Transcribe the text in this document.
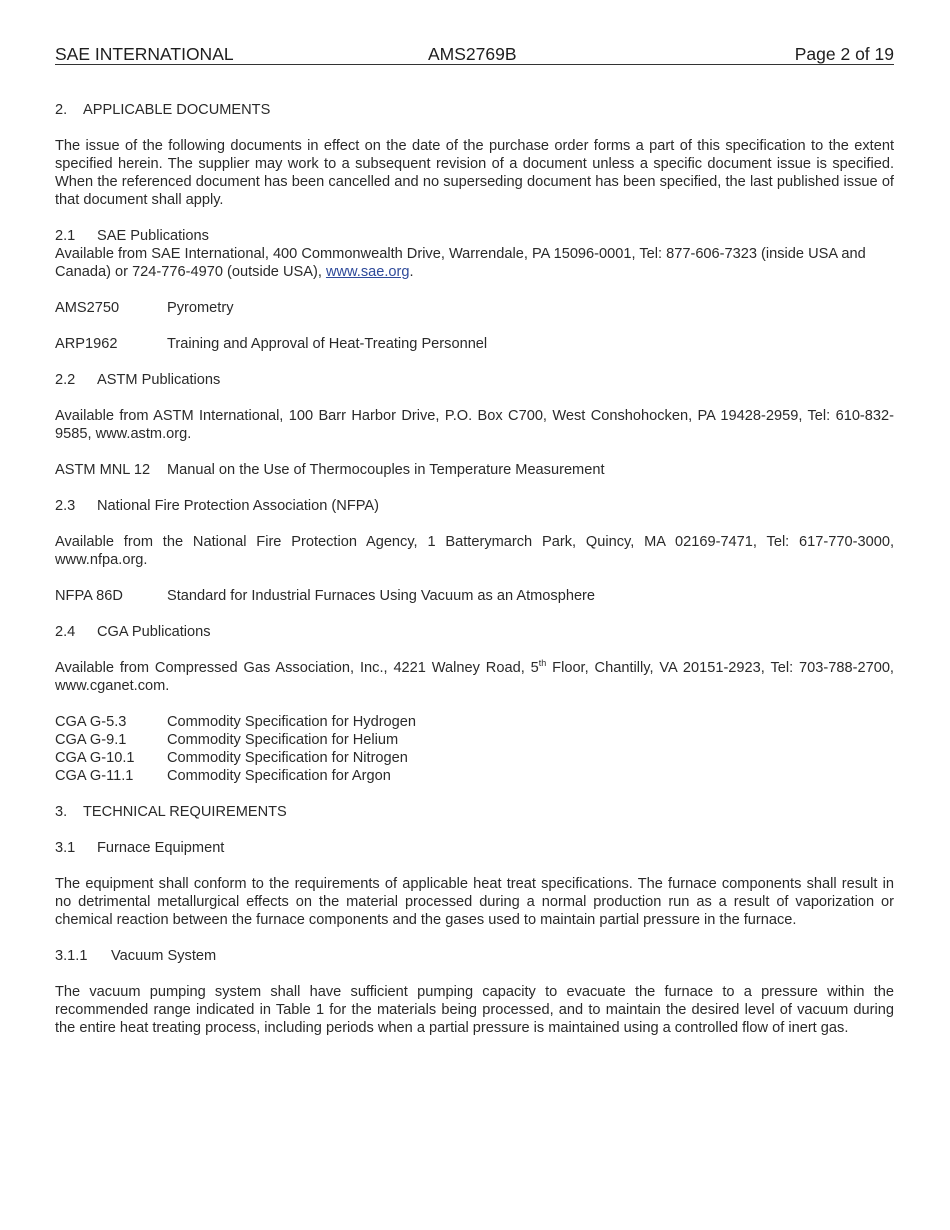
SAE INTERNATIONAL	AMS2769B	Page 2 of 19

2. APPLICABLE DOCUMENTS

The issue of the following documents in effect on the date of the purchase order forms a part of this specification to the extent specified herein. The supplier may work to a subsequent revision of a document unless a specific document issue is specified. When the referenced document has been cancelled and no superseding document has been specified, the last published issue of that document shall apply.

2.1 SAE Publications

Available from SAE International, 400 Commonwealth Drive, Warrendale, PA 15096-0001, Tel: 877-606-7323 (inside USA and Canada) or 724-776-4970 (outside USA), www.sae.org.

AMS2750	Pyrometry
ARP1962	Training and Approval of Heat-Treating Personnel

2.2 ASTM Publications

Available from ASTM International, 100 Barr Harbor Drive, P.O. Box C700, West Conshohocken, PA 19428-2959, Tel: 610-832-9585, www.astm.org.

ASTM MNL 12	Manual on the Use of Thermocouples in Temperature Measurement

2.3 National Fire Protection Association (NFPA)

Available from the National Fire Protection Agency, 1 Batterymarch Park, Quincy, MA 02169-7471, Tel: 617-770-3000, www.nfpa.org.

NFPA 86D	Standard for Industrial Furnaces Using Vacuum as an Atmosphere

2.4 CGA Publications

Available from Compressed Gas Association, Inc., 4221 Walney Road, 5th Floor, Chantilly, VA 20151-2923, Tel: 703-788-2700, www.cganet.com.

CGA G-5.3	Commodity Specification for Hydrogen
CGA G-9.1	Commodity Specification for Helium
CGA G-10.1	Commodity Specification for Nitrogen
CGA G-11.1	Commodity Specification for Argon

3. TECHNICAL REQUIREMENTS

3.1 Furnace Equipment

The equipment shall conform to the requirements of applicable heat treat specifications. The furnace components shall result in no detrimental metallurgical effects on the material processed during a normal production run as a result of vaporization or chemical reaction between the furnace components and the gases used to maintain partial pressure in the furnace.

3.1.1 Vacuum System

The vacuum pumping system shall have sufficient pumping capacity to evacuate the furnace to a pressure within the recommended range indicated in Table 1 for the materials being processed, and to maintain the desired level of vacuum during the entire heat treating process, including periods when a partial pressure is maintained using a controlled flow of inert gas.
